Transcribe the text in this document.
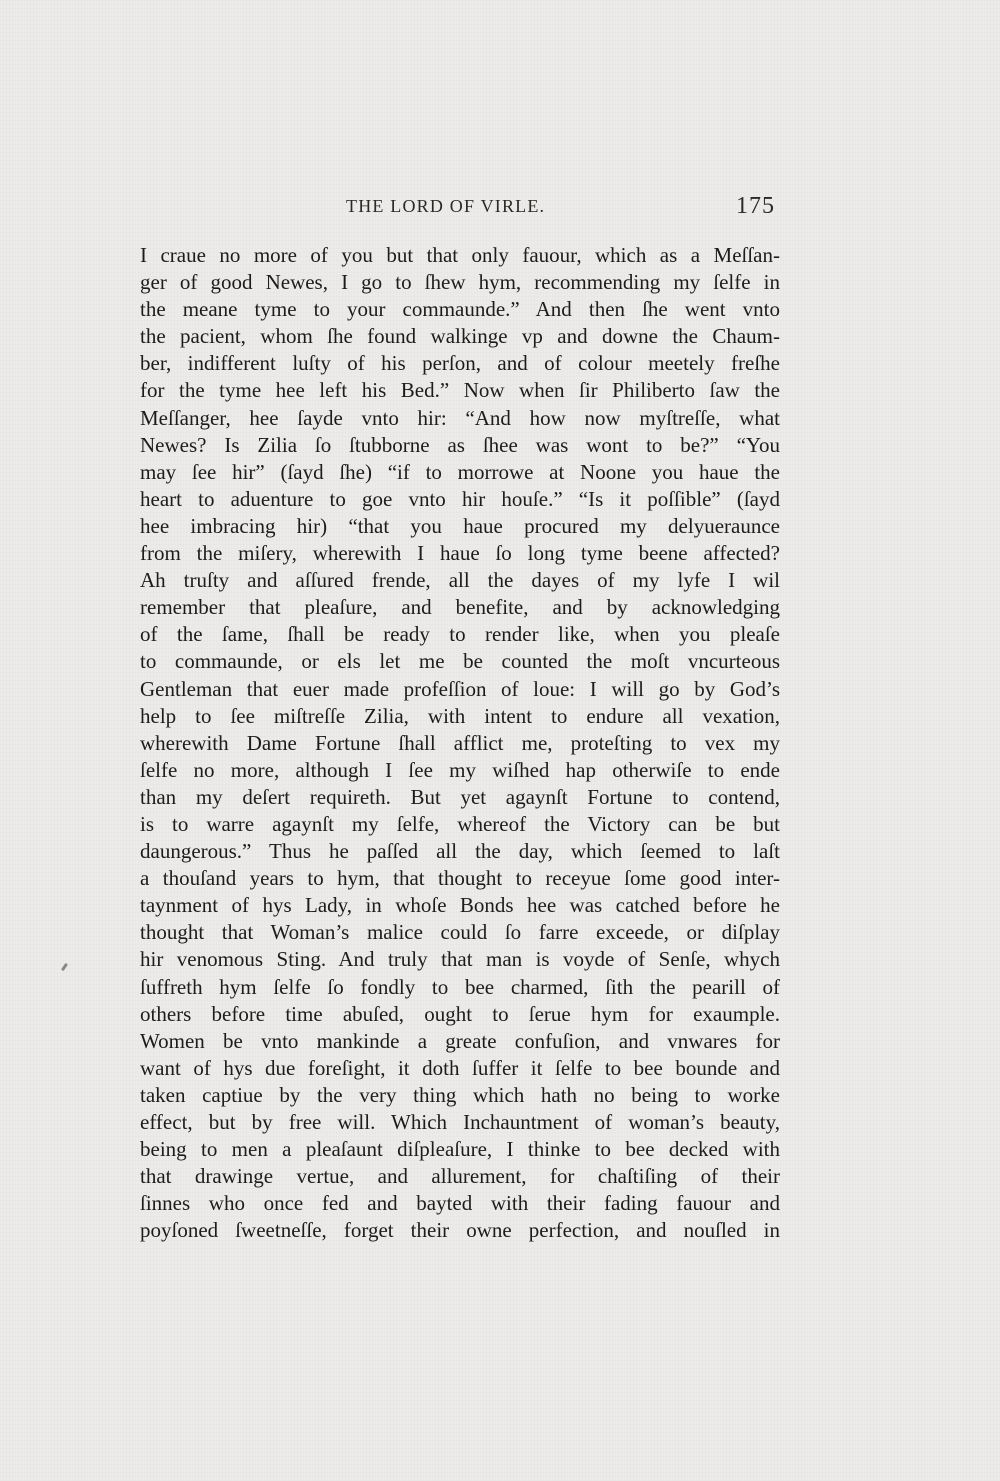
THE LORD OF VIRLE.	175
I craue no more of you but that only fauour, which as a Meſſan-
ger of good Newes, I go to ſhew hym, recommending my ſelfe in
the meane tyme to your commaunde.” And then ſhe went vnto
the pacient, whom ſhe found walkinge vp and downe the Chaum-
ber, indifferent luſty of his perſon, and of colour meetely freſhe
for the tyme hee left his Bed.” Now when ſir Philiberto ſaw the
Meſſanger, hee ſayde vnto hir: “And how now myſtreſſe, what
Newes? Is Zilia ſo ſtubborne as ſhee was wont to be?” “You
may ſee hir” (ſayd ſhe) “if to morrowe at Noone you haue the
heart to aduenture to goe vnto hir houſe.” “Is it poſſible” (ſayd
hee imbracing hir) “that you haue procured my delyueraunce
from the miſery, wherewith I haue ſo long tyme beene affected?
Ah truſty and aſſured frende, all the dayes of my lyfe I wil
remember that pleaſure, and benefite, and by acknowledging
of the ſame, ſhall be ready to render like, when you pleaſe
to commaunde, or els let me be counted the moſt vncurteous
Gentleman that euer made profeſſion of loue: I will go by God’s
help to ſee miſtreſſe Zilia, with intent to endure all vexation,
wherewith Dame Fortune ſhall afflict me, proteſting to vex my
ſelfe no more, although I ſee my wiſhed hap otherwiſe to ende
than my deſert requireth. But yet agaynſt Fortune to contend,
is to warre agaynſt my ſelfe, whereof the Victory can be but
daungerous.” Thus he paſſed all the day, which ſeemed to laſt
a thouſand years to hym, that thought to receyue ſome good inter-
taynment of hys Lady, in whoſe Bonds hee was catched before he
thought that Woman’s malice could ſo farre exceede, or diſplay
hir venomous Sting. And truly that man is voyde of Senſe, whych
ſuffreth hym ſelfe ſo fondly to bee charmed, ſith the pearill of
others before time abuſed, ought to ſerue hym for exaumple.
Women be vnto mankinde a greate confuſion, and vnwares for
want of hys due foreſight, it doth ſuffer it ſelfe to bee bounde and
taken captiue by the very thing which hath no being to worke
effect, but by free will. Which Inchauntment of woman’s beauty,
being to men a pleaſaunt diſpleaſure, I thinke to bee decked with
that drawinge vertue, and allurement, for chaſtiſing of their
ſinnes who once fed and bayted with their fading fauour and
poyſoned ſweetneſſe, forget their owne perfection, and nouſled in
